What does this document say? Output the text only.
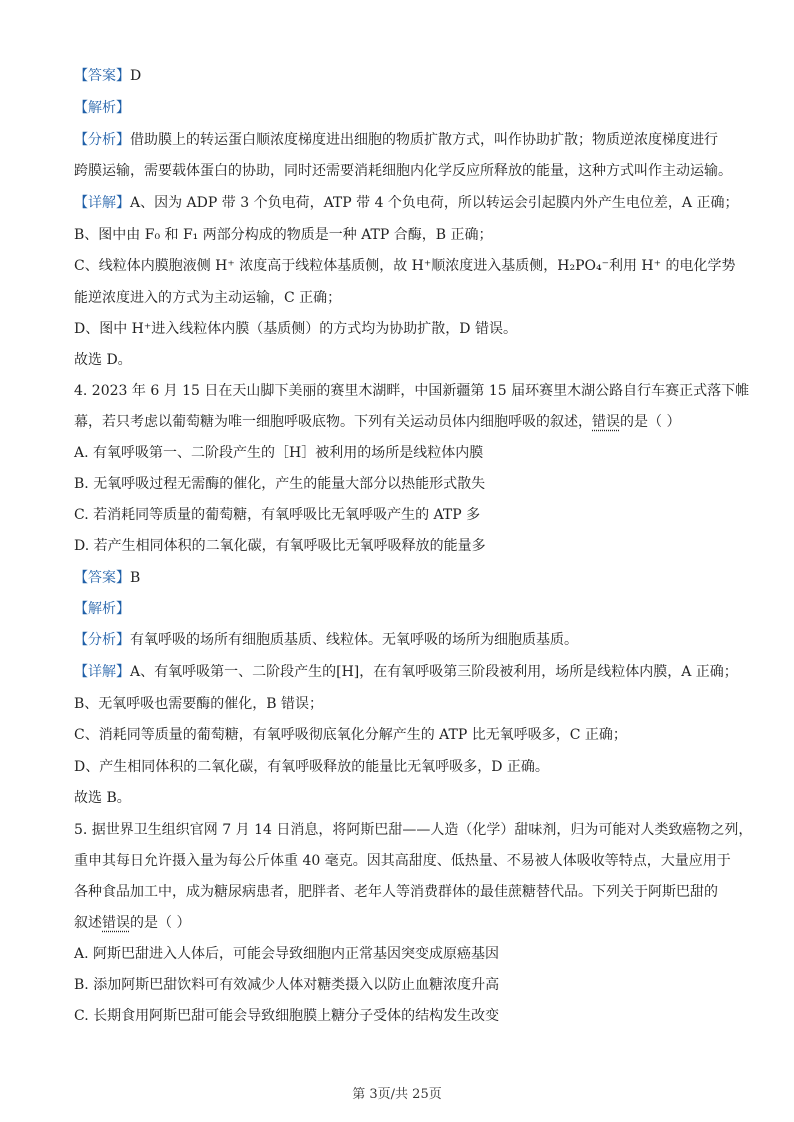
【答案】D
【解析】
【分析】借助膜上的转运蛋白顺浓度梯度进出细胞的物质扩散方式，叫作协助扩散；物质逆浓度梯度进行
跨膜运输，需要载体蛋白的协助，同时还需要消耗细胞内化学反应所释放的能量，这种方式叫作主动运输。
【详解】A、因为 ADP 带 3 个负电荷，ATP 带 4 个负电荷，所以转运会引起膜内外产生电位差，A 正确；
B、图中由 F₀ 和 F₁ 两部分构成的物质是一种 ATP 合酶，B 正确；
C、线粒体内膜胞液侧 H⁺ 浓度高于线粒体基质侧，故 H⁺顺浓度进入基质侧，H₂PO₄⁻利用 H⁺ 的电化学势
能逆浓度进入的方式为主动运输，C 正确；
D、图中 H⁺进入线粒体内膜（基质侧）的方式均为协助扩散，D 错误。
故选 D。
4. 2023 年 6 月 15 日在天山脚下美丽的赛里木湖畔，中国新疆第 15 届环赛里木湖公路自行车赛正式落下帷
幕，若只考虑以葡萄糖为唯一细胞呼吸底物。下列有关运动员体内细胞呼吸的叙述，错误的是（ ）
A. 有氧呼吸第一、二阶段产生的［H］被利用的场所是线粒体内膜
B. 无氧呼吸过程无需酶的催化，产生的能量大部分以热能形式散失
C. 若消耗同等质量的葡萄糖，有氧呼吸比无氧呼吸产生的 ATP 多
D. 若产生相同体积的二氧化碳，有氧呼吸比无氧呼吸释放的能量多
【答案】B
【解析】
【分析】有氧呼吸的场所有细胞质基质、线粒体。无氧呼吸的场所为细胞质基质。
【详解】A、有氧呼吸第一、二阶段产生的[H]，在有氧呼吸第三阶段被利用，场所是线粒体内膜，A 正确；
B、无氧呼吸也需要酶的催化，B 错误；
C、消耗同等质量的葡萄糖，有氧呼吸彻底氧化分解产生的 ATP 比无氧呼吸多，C 正确；
D、产生相同体积的二氧化碳，有氧呼吸释放的能量比无氧呼吸多，D 正确。
故选 B。
5. 据世界卫生组织官网 7 月 14 日消息，将阿斯巴甜——人造（化学）甜味剂，归为可能对人类致癌物之列，
重申其每日允许摄入量为每公斤体重 40 毫克。因其高甜度、低热量、不易被人体吸收等特点，大量应用于
各种食品加工中，成为糖尿病患者，肥胖者、老年人等消费群体的最佳蔗糖替代品。下列关于阿斯巴甜的
叙述错误的是（ ）
A. 阿斯巴甜进入人体后，可能会导致细胞内正常基因突变成原癌基因
B. 添加阿斯巴甜饮料可有效减少人体对糖类摄入以防止血糖浓度升高
C. 长期食用阿斯巴甜可能会导致细胞膜上糖分子受体的结构发生改变
第 3页/共 25页
